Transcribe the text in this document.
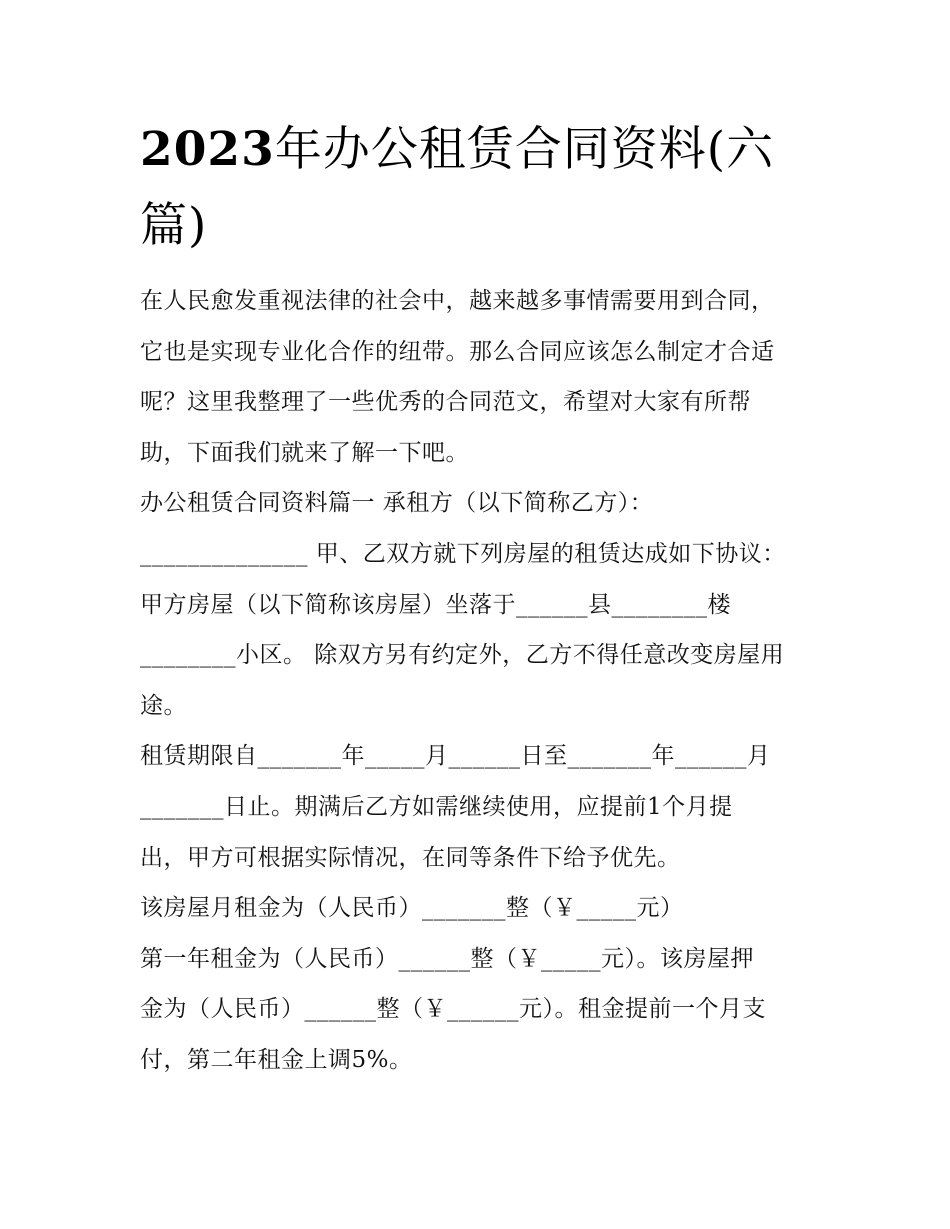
2023年办公租赁合同资料(六
篇)
在人民愈发重视法律的社会中，越来越多事情需要用到合同，
它也是实现专业化合作的纽带。那么合同应该怎么制定才合适
呢？这里我整理了一些优秀的合同范文，希望对大家有所帮
助，下面我们就来了解一下吧。
办公租赁合同资料篇一 承租方（以下简称乙方）：
______________ 甲、乙双方就下列房屋的租赁达成如下协议：
甲方房屋（以下简称该房屋）坐落于______县________楼
________小区。 除双方另有约定外，乙方不得任意改变房屋用
途。
租赁期限自_______年_____月______日至_______年______月
_______日止。期满后乙方如需继续使用，应提前1个月提
出，甲方可根据实际情况，在同等条件下给予优先。
该房屋月租金为（人民币）_______整（￥_____元）
第一年租金为（人民币）______整（￥_____元）。该房屋押
金为（人民币）______整（￥______元）。租金提前一个月支
付，第二年租金上调5%。
